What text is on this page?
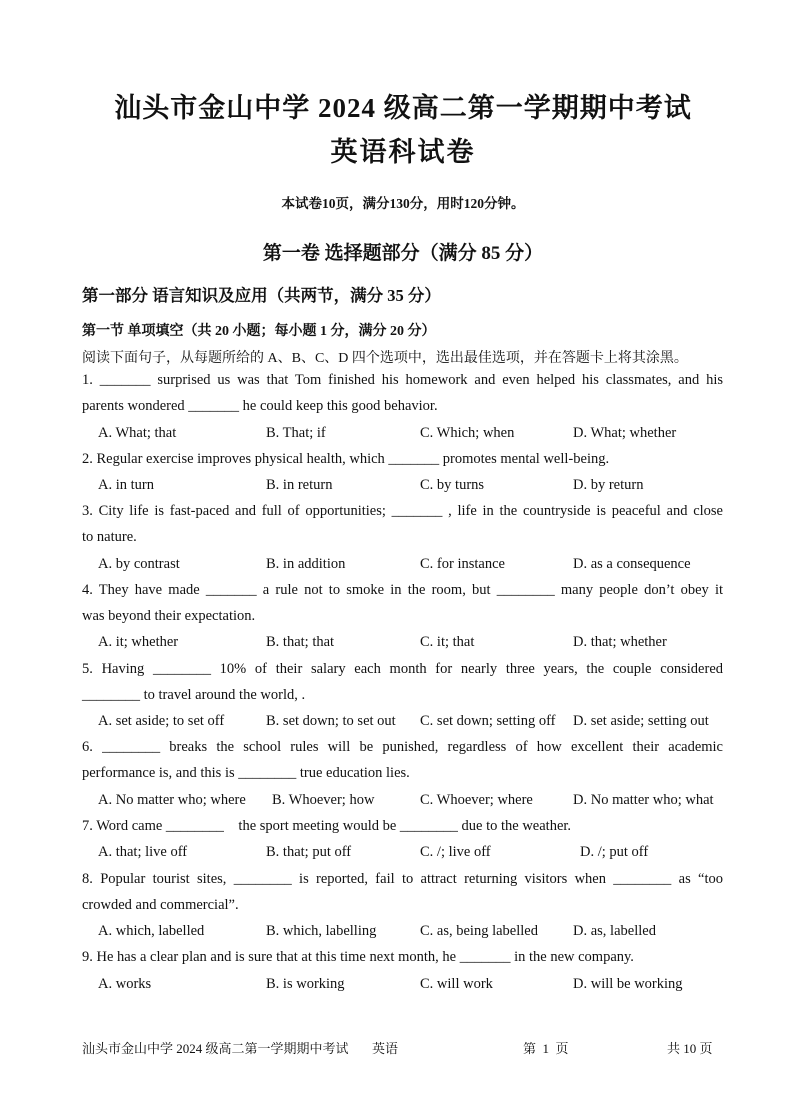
汕头市金山中学 2024 级高二第一学期期中考试
英语科试卷
本试卷10页，满分130分，用时120分钟。
第一卷 选择题部分（满分 85 分）
第一部分 语言知识及应用（共两节，满分 35 分）
第一节 单项填空（共 20 小题；每小题 1 分，满分 20 分）
阅读下面句子，从每题所给的 A、B、C、D 四个选项中，选出最佳选项，并在答题卡上将其涂黑。
1. _______ surprised us was that Tom finished his homework and even helped his classmates, and his
parents wondered _______ he could keep this good behavior.
A. What; that	B. That; if	C. Which; when	D. What; whether
2. Regular exercise improves physical health, which _______ promotes mental well-being.
A. in turn	B. in return	C. by turns	D. by return
3. City life is fast-paced and full of opportunities; _______ , life in the countryside is peaceful and close
to nature.
A. by contrast	B. in addition	C. for instance	D. as a consequence
4. They have made _______ a rule not to smoke in the room, but ________ many people don’t obey it
was beyond their expectation.
A. it; whether	B. that; that	C. it; that	D. that; whether
5. Having ________ 10% of their salary each month for nearly three years, the couple considered
________ to travel around the world, .
A. set aside; to set off	B. set down; to set out C. set down; setting off D. set aside; setting out
6. ________ breaks the school rules will be punished, regardless of how excellent their academic
performance is, and this is ________ true education lies.
A. No matter who; where B. Whoever; how	C. Whoever; where	D. No matter who; what
7. Word came ________    the sport meeting would be ________ due to the weather.
A. that; live off	B. that; put off	C. /; live off	D. /; put off
8. Popular tourist sites, ________ is reported, fail to attract returning visitors when ________ as “too
crowded and commercial”.
A. which, labelled	B. which, labelling	C. as, being labelled D. as, labelled
9. He has a clear plan and is sure that at this time next month, he _______ in the new company.
A. works	B. is working	C. will work	D. will be working
汕头市金山中学 2024 级高二第一学期期中考试 英语	第  1  页	共 10 页
